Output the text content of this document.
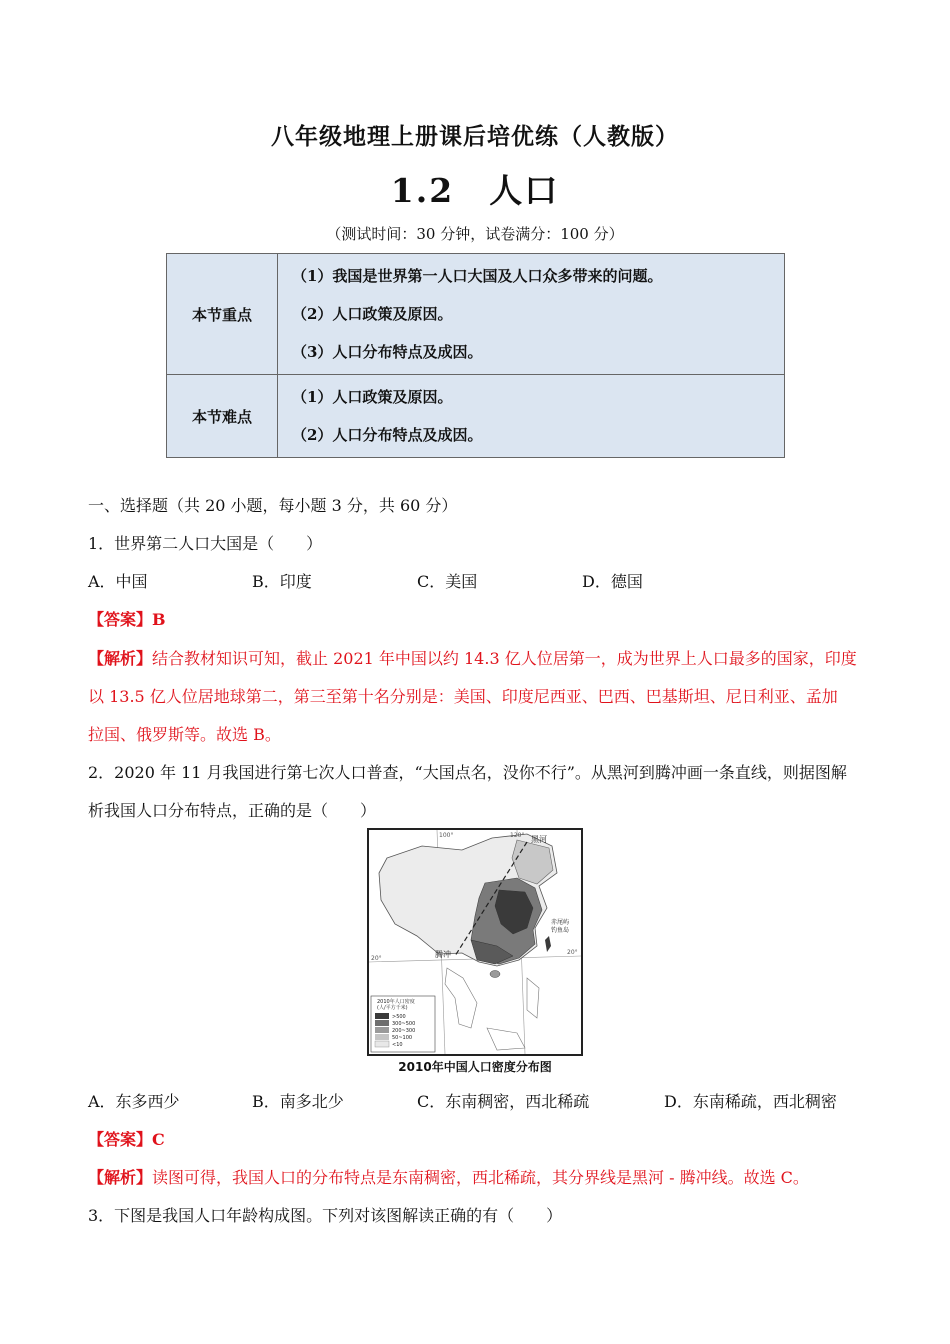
八年级地理上册课后培优练（人教版）
1.2　人口
（测试时间：30 分钟，试卷满分：100 分）
本节重点	（1）我国是世界第一人口大国及人口众多带来的问题。
（2）人口政策及原因。
（3）人口分布特点及成因。

本节难点	（1）人口政策及原因。
（2）人口分布特点及成因。
一、选择题（共 20 小题，每小题 3 分，共 60 分）
1．世界第二人口大国是（　　）
A．中国	B．印度	C．美国	D．德国
【答案】B
【解析】结合教材知识可知，截止 2021 年中国以约 14.3 亿人位居第一，成为世界上人口最多的国家，印度
以 13.5 亿人位居地球第二，第三至第十名分别是：美国、印度尼西亚、巴西、巴基斯坦、尼日利亚、孟加
拉国、俄罗斯等。故选 B。
2．2020 年 11 月我国进行第七次人口普查，“大国点名，没你不行”。从黑河到腾冲画一条直线，则据图解
析我国人口分布特点，正确的是（　　）
黑河
腾冲
赤尾屿
钓鱼岛
20°
20°
100°	120°
2010年人口密度
(人/平方千米)
>500
300~500
200~300
50~100
<10
2010年中国人口密度分布图
A．东多西少	B．南多北少	C．东南稠密，西北稀疏	D．东南稀疏，西北稠密
【答案】C
【解析】读图可得，我国人口的分布特点是东南稠密，西北稀疏，其分界线是黑河 - 腾冲线。故选 C。
3．下图是我国人口年龄构成图。下列对该图解读正确的有（　　）
